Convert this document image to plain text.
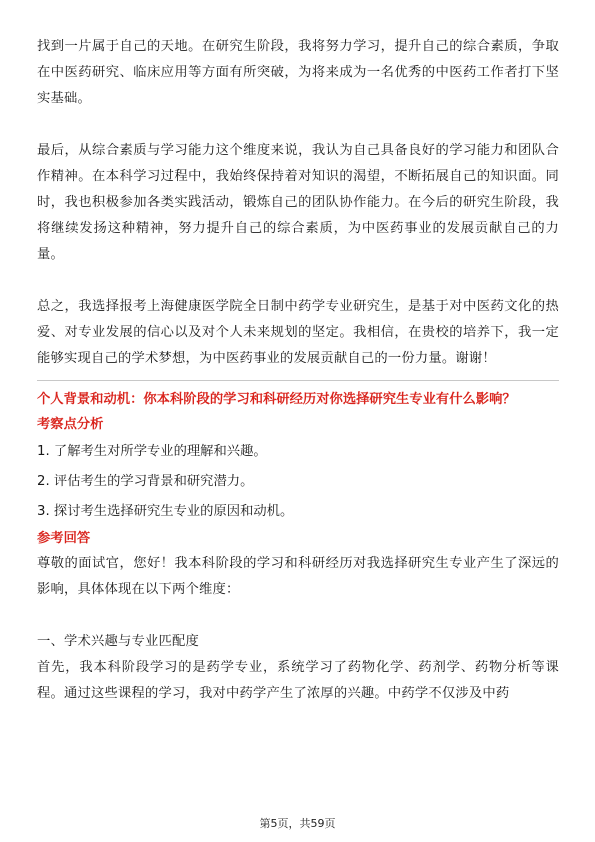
找到一片属于自己的天地。在研究生阶段，我将努力学习，提升自己的综合素质，争取在中医药研究、临床应用等方面有所突破，为将来成为一名优秀的中医药工作者打下坚实基础。

最后，从综合素质与学习能力这个维度来说，我认为自己具备良好的学习能力和团队合作精神。在本科学习过程中，我始终保持着对知识的渴望，不断拓展自己的知识面。同时，我也积极参加各类实践活动，锻炼自己的团队协作能力。在今后的研究生阶段，我将继续发扬这种精神，努力提升自己的综合素质，为中医药事业的发展贡献自己的力量。

总之，我选择报考上海健康医学院全日制中药学专业研究生，是基于对中医药文化的热爱、对专业发展的信心以及对个人未来规划的坚定。我相信，在贵校的培养下，我一定能够实现自己的学术梦想，为中医药事业的发展贡献自己的一份力量。谢谢！

个人背景和动机：你本科阶段的学习和科研经历对你选择研究生专业有什么影响？

考察点分析

1. 了解考生对所学专业的理解和兴趣。
2. 评估考生的学习背景和研究潜力。
3. 探讨考生选择研究生专业的原因和动机。

参考回答

尊敬的面试官，您好！我本科阶段的学习和科研经历对我选择研究生专业产生了深远的影响，具体体现在以下两个维度：

一、学术兴趣与专业匹配度

首先，我本科阶段学习的是药学专业，系统学习了药物化学、药剂学、药物分析等课程。通过这些课程的学习，我对中药学产生了浓厚的兴趣。中药学不仅涉及中药

第5页，共59页
